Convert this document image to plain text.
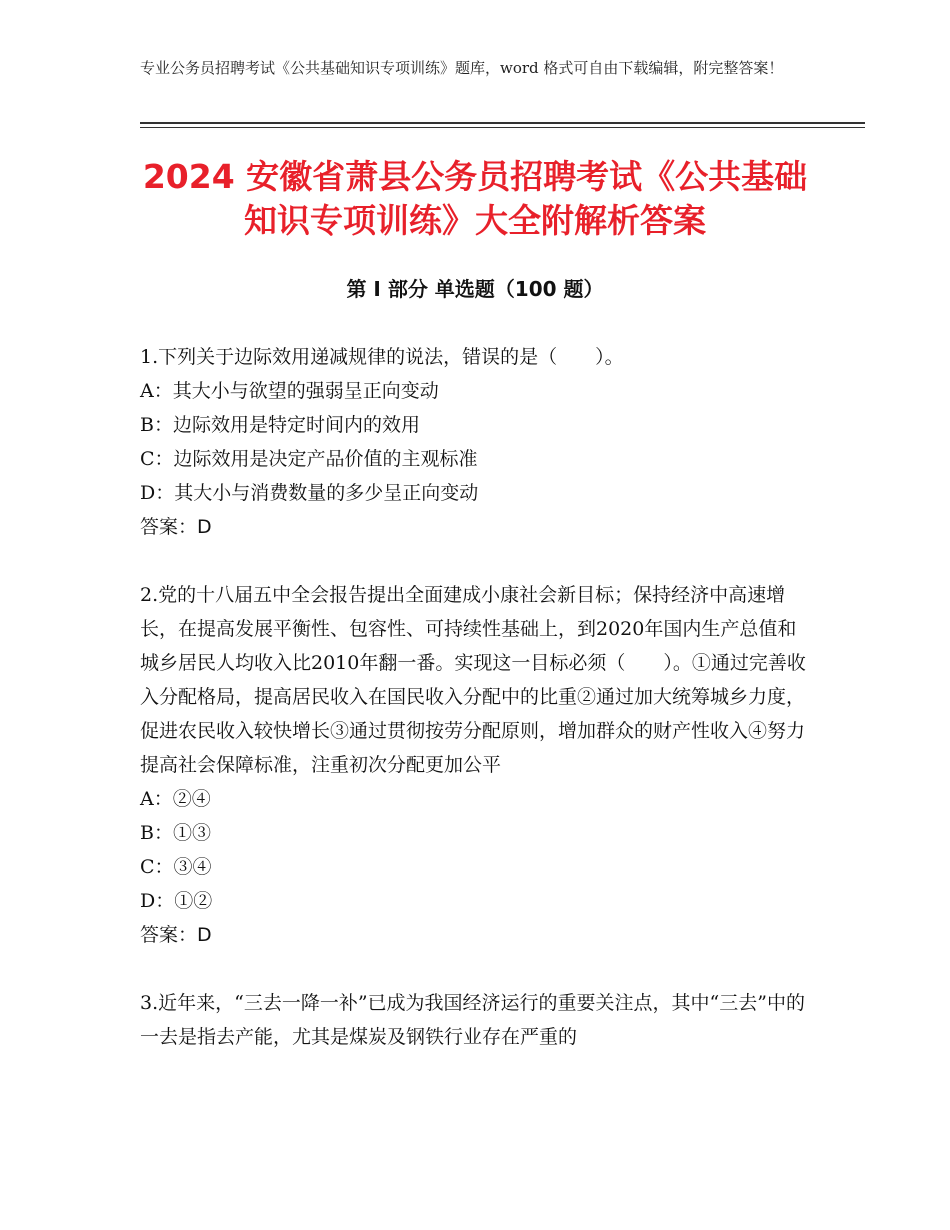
专业公务员招聘考试《公共基础知识专项训练》题库，word 格式可自由下载编辑，附完整答案！
2024 安徽省萧县公务员招聘考试《公共基础知识专项训练》大全附解析答案
第 I 部分 单选题（100 题）
1.下列关于边际效用递减规律的说法，错误的是（　　）。
A：其大小与欲望的强弱呈正向变动
B：边际效用是特定时间内的效用
C：边际效用是决定产品价值的主观标准
D：其大小与消费数量的多少呈正向变动
答案：D
2.党的十八届五中全会报告提出全面建成小康社会新目标；保持经济中高速增长，在提高发展平衡性、包容性、可持续性基础上，到2020年国内生产总值和城乡居民人均收入比2010年翻一番。实现这一目标必须（　　）。①通过完善收入分配格局，提高居民收入在国民收入分配中的比重②通过加大统筹城乡力度，促进农民收入较快增长③通过贯彻按劳分配原则，增加群众的财产性收入④努力提高社会保障标准，注重初次分配更加公平
A：②④
B：①③
C：③④
D：①②
答案：D
3.近年来，“三去一降一补”已成为我国经济运行的重要关注点，其中“三去”中的一去是指去产能，尤其是煤炭及钢铁行业存在严重的
